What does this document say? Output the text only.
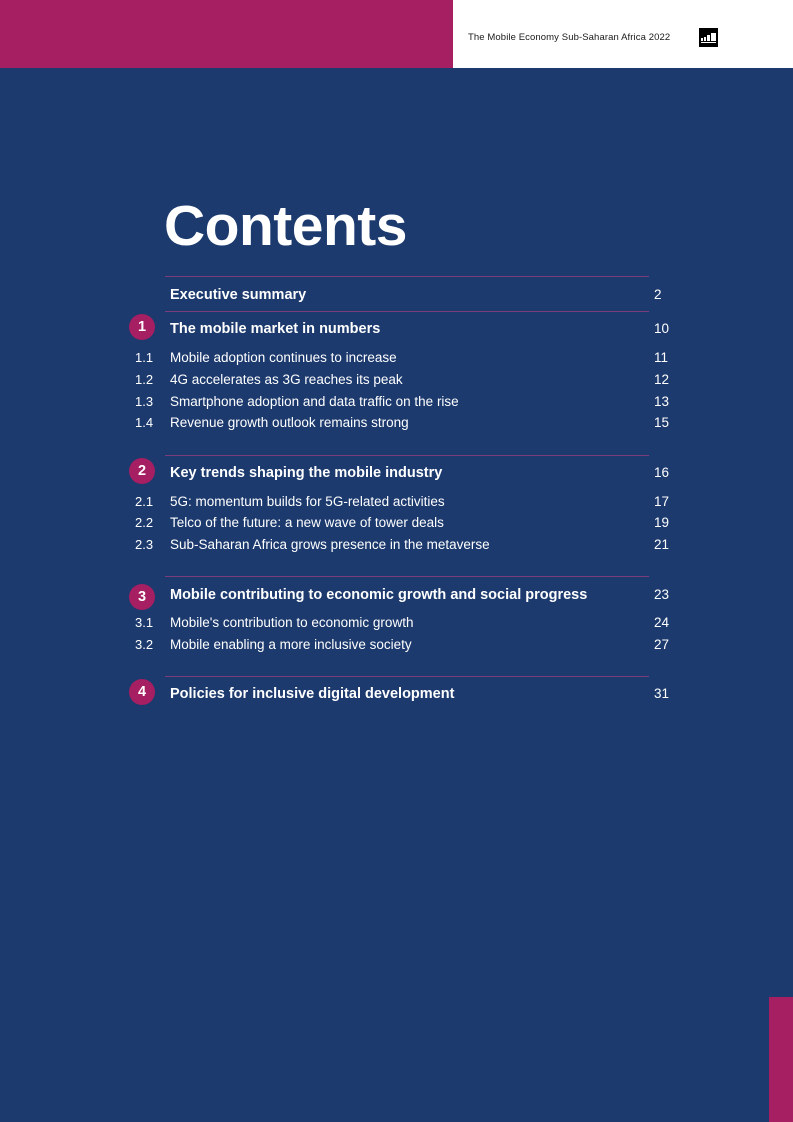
The Mobile Economy Sub-Saharan Africa 2022
Contents
Executive summary	2
1	The mobile market in numbers	10
1.1 Mobile adoption continues to increase	11
1.2 4G accelerates as 3G reaches its peak	12
1.3 Smartphone adoption and data traffic on the rise	13
1.4 Revenue growth outlook remains strong	15
2	Key trends shaping the mobile industry	16
2.1 5G: momentum builds for 5G-related activities	17
2.2 Telco of the future: a new wave of tower deals	19
2.3 Sub-Saharan Africa grows presence in the metaverse	21
3	Mobile contributing to economic growth and social progress	23
3.1 Mobile's contribution to economic growth	24
3.2 Mobile enabling a more inclusive society	27
4	Policies for inclusive digital development	31
